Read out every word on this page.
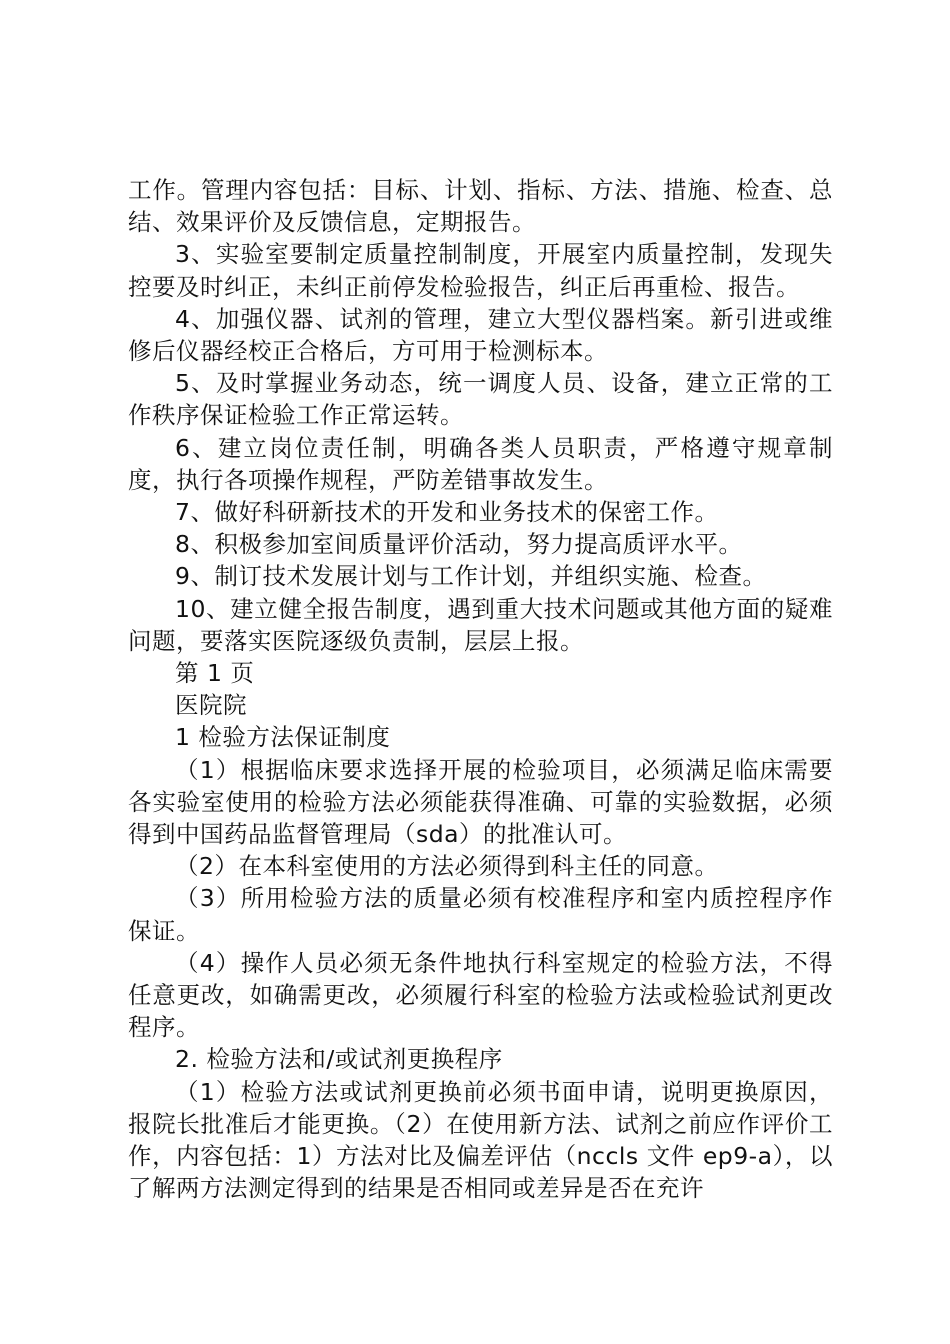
工作。管理内容包括：目标、计划、指标、方法、措施、检查、总结、效果评价及反馈信息，定期报告。

3、实验室要制定质量控制制度，开展室内质量控制，发现失控要及时纠正，未纠正前停发检验报告，纠正后再重检、报告。

4、加强仪器、试剂的管理，建立大型仪器档案。新引进或维修后仪器经校正合格后，方可用于检测标本。

5、及时掌握业务动态，统一调度人员、设备，建立正常的工作秩序保证检验工作正常运转。

6、建立岗位责任制，明确各类人员职责，严格遵守规章制度，执行各项操作规程，严防差错事故发生。

7、做好科研新技术的开发和业务技术的保密工作。

8、积极参加室间质量评价活动，努力提高质评水平。

9、制订技术发展计划与工作计划，并组织实施、检查。

10、建立健全报告制度，遇到重大技术问题或其他方面的疑难问题，要落实医院逐级负责制，层层上报。

第 1 页

医院院

1 检验方法保证制度

（1）根据临床要求选择开展的检验项目，必须满足临床需要各实验室使用的检验方法必须能获得准确、可靠的实验数据，必须得到中国药品监督管理局（sda）的批准认可。

（2）在本科室使用的方法必须得到科主任的同意。

（3）所用检验方法的质量必须有校准程序和室内质控程序作保证。

（4）操作人员必须无条件地执行科室规定的检验方法，不得任意更改，如确需更改，必须履行科室的检验方法或检验试剂更改程序。

2. 检验方法和/或试剂更换程序

（1）检验方法或试剂更换前必须书面申请，说明更换原因，报院长批准后才能更换。（2）在使用新方法、试剂之前应作评价工作，内容包括：1）方法对比及偏差评估（nccls 文件 ep9-a），以了解两方法测定得到的结果是否相同或差异是否在充许
